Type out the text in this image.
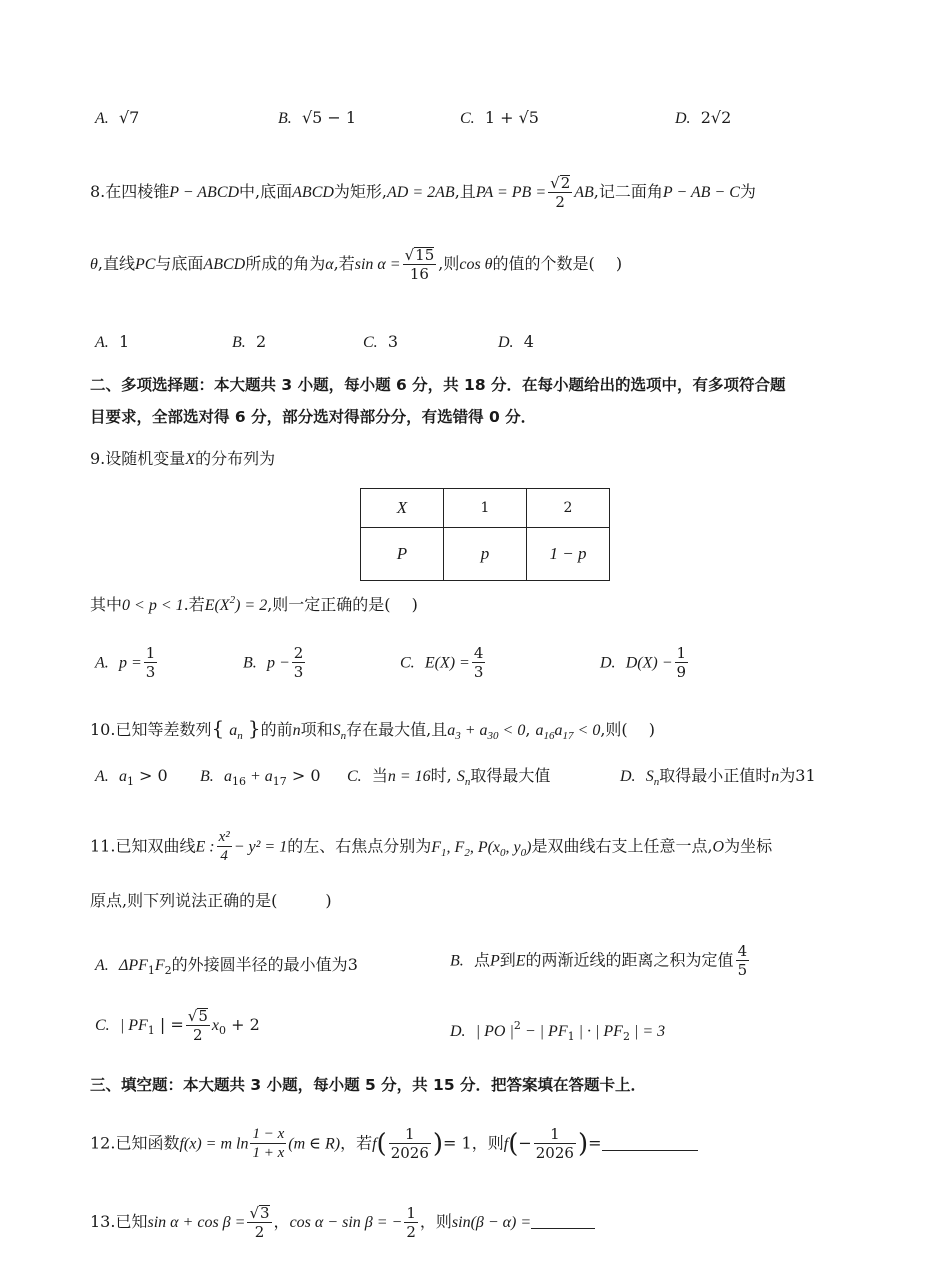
A. √7	B. √5 − 1	C. 1 + √5	D. 2√2
8.在四棱锥P − ABCD中,底面ABCD为矩形,AD = 2AB,且PA = PB = $\frac{√2}{2}$ AB,记二面角P − AB − C为
θ,直线PC与底面ABCD所成的角为α,若$\sin \alpha = \frac{√15}{16}$ ,则cos θ的值的个数是(　 )
A. 1	B. 2	C. 3	D. 4
二、多项选择题：本大题共 3 小题，每小题 6 分，共 18 分．在每小题给出的选项中，有多项符合题
目要求，全部选对得 6 分，部分选对得部分分，有选错得 0 分．
9.设随机变量X的分布列为
X	1	2
P	p	1 − p
其中0 < p < 1.若$E(X^2) = 2$,则一定正确的是(　 )
A. $p = \frac{1}{3}$	B. $p - \frac{2}{3}$	C. $E(X) = \frac{4}{3}$	D. $D(X) - \frac{1}{9}$
10.已知等差数列{ $a_n$ }的前n项和$S_n$存在最大值,且$a_3 + a_{30} < 0$, $a_{16}a_{17} < 0$,则(　 )
A. $a_1 > 0$ B. $a_{16} + a_{17} > 0$ C. 当n = 16时, $S_n$取得最大值	D. $S_n$取得最小正值时n为31
11.已知双曲线E : $\frac{\text{x²}}{4} - y^2 = 1$的左、右焦点分别为$F_1$, $F_2$, $P(x_0$, $y_0$)是双曲线右支上任意一点,O为坐标
原点,则下列说法正确的是(　　　)
A. $\Delta PF_1F_2$的外接圆半径的最小值为3	B. 点P到E的两渐近线的距离之积为定值 $\frac{4}{5}$
C. | $PF_1$ | = $\frac{√5}{2} x_0 + 2$	D. | PO $|^2$ − | $PF_1$ | · | $PF_2$ | = 3
三、填空题：本大题共 3 小题，每小题 5 分，共 15 分．把答案填在答题卡上．
12.已知函数f(x) = m $\ln \frac{1 - x}{1 + x} (m$ ∈ R)，若$f( \frac{1}{2026}$ )= 1，则$f(- \frac{1}{2026}$ )=
13.已知$\sin \alpha + \cos \beta = \frac{√3}{2}$ ，cos α − sin β = − $\frac{1}{2}$ ，则sin(β − α) =
